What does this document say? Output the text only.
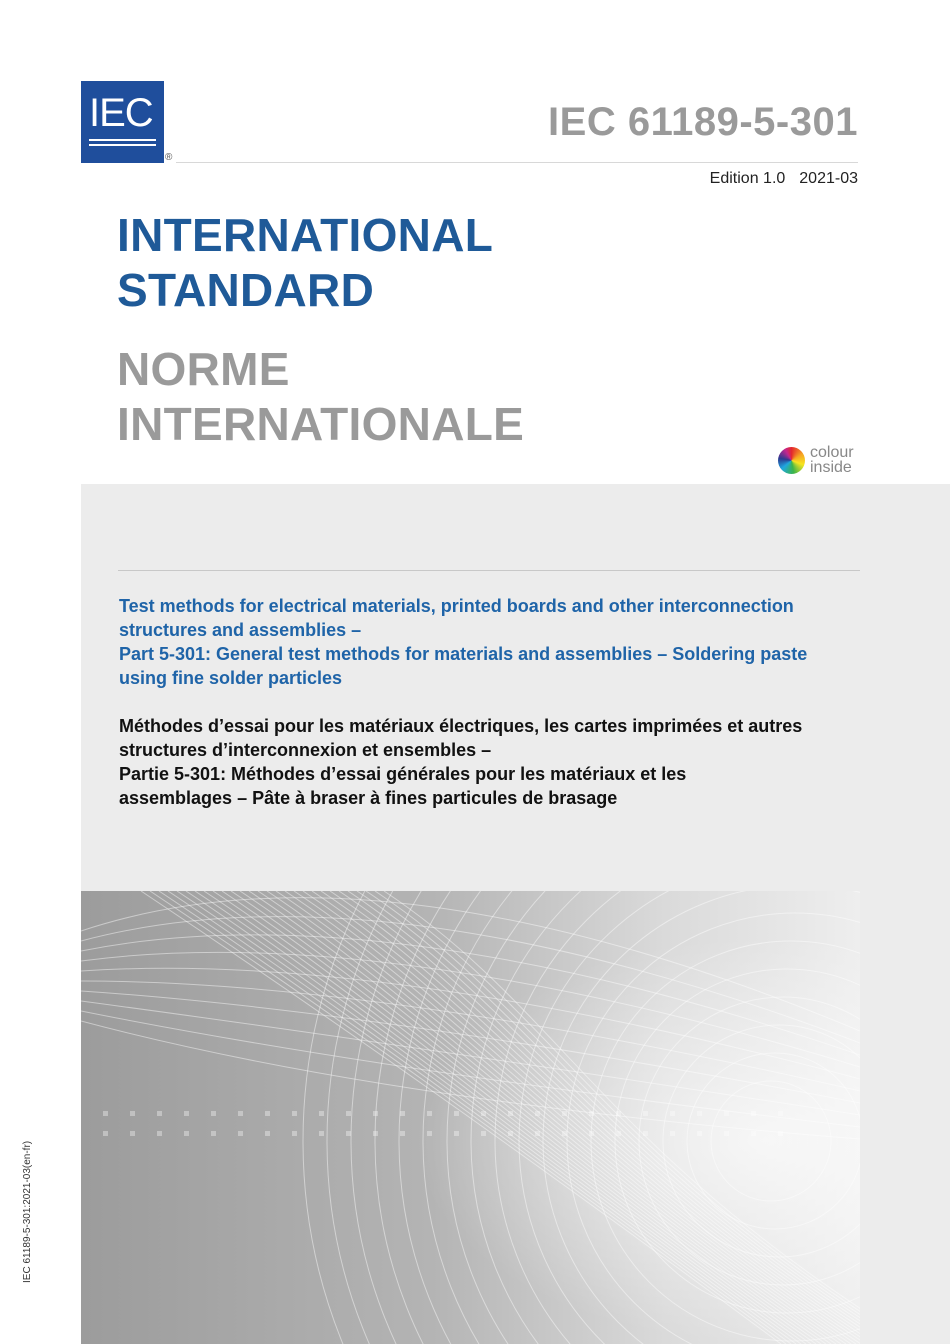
IEC
®
IEC 61189-5-301
Edition 1.0 2021-03
INTERNATIONAL
STANDARD
NORME
INTERNATIONALE
colour
inside
Test methods for electrical materials, printed boards and other interconnection
structures and assemblies –
Part 5-301: General test methods for materials and assemblies – Soldering paste
using fine solder particles
Méthodes d’essai pour les matériaux électriques, les cartes imprimées et autres
structures d’interconnexion et ensembles –
Partie 5-301: Méthodes d’essai générales pour les matériaux et les
assemblages – Pâte à braser à fines particules de brasage
IEC 61189-5-301:2021-03(en-fr)
